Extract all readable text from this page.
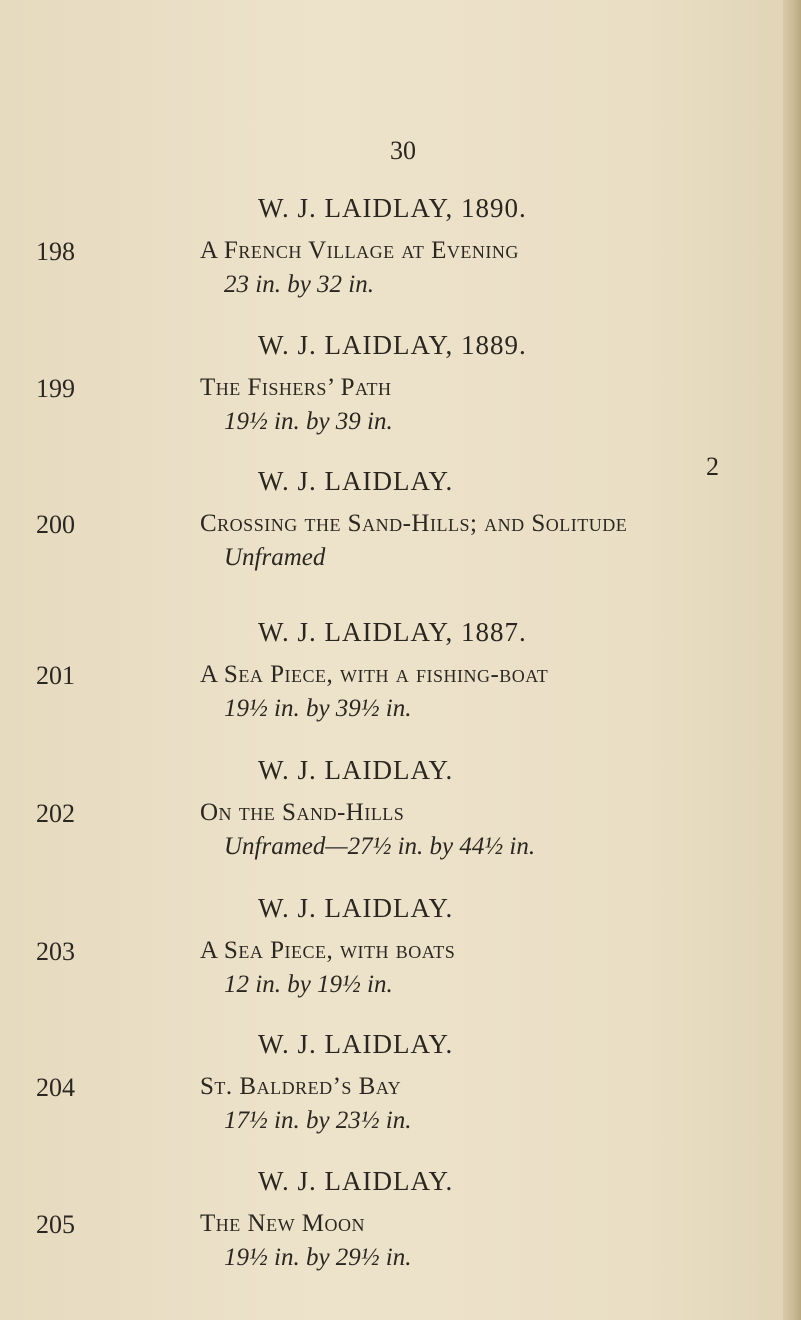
30
198
W. J. LAIDLAY, 1890.
A French Village at Evening
23 in. by 32 in.
199
W. J. LAIDLAY, 1889.
The Fishers’ Path
19½ in. by 39 in.
200
W. J. LAIDLAY.
Crossing the Sand-Hills; and Solitude
Unframed
201
W. J. LAIDLAY, 1887.
A Sea Piece, with a fishing-boat
19½ in. by 39½ in.
202
W. J. LAIDLAY.
On the Sand-Hills
Unframed—27½ in. by 44½ in.
203
W. J. LAIDLAY.
A Sea Piece, with boats
12 in. by 19½ in.
204
W. J. LAIDLAY.
St. Baldred’s Bay
17½ in. by 23½ in.
205
W. J. LAIDLAY.
The New Moon
19½ in. by 29½ in.
2
